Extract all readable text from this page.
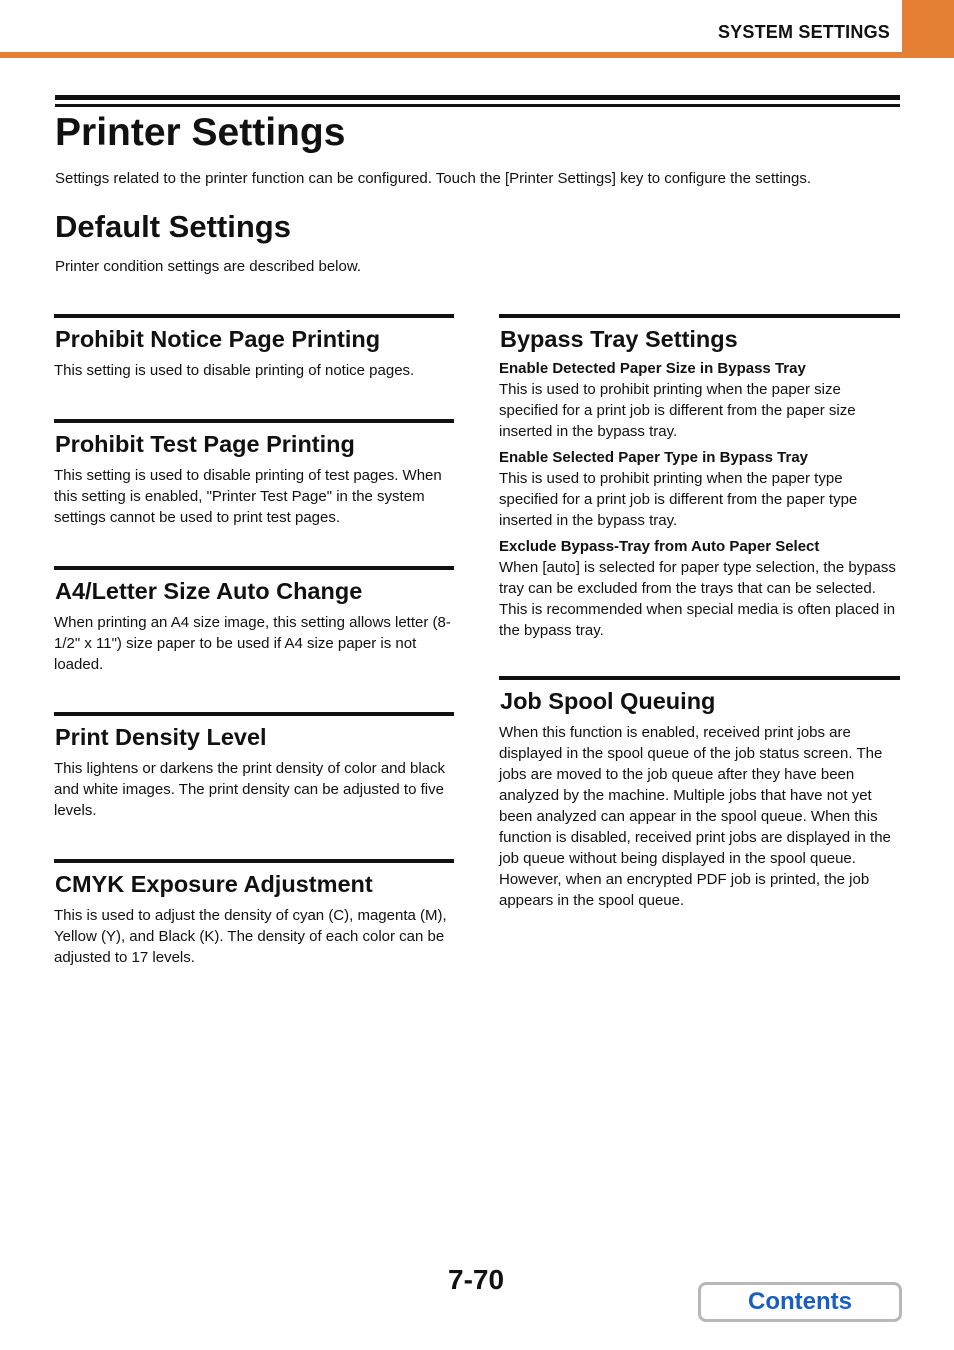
SYSTEM SETTINGS
Printer Settings

Settings related to the printer function can be configured. Touch the [Printer Settings] key to configure the settings.

Default Settings

Printer condition settings are described below.

Prohibit Notice Page Printing

This setting is used to disable printing of notice pages.

Prohibit Test Page Printing

This setting is used to disable printing of test pages. When this setting is enabled, "Printer Test Page" in the system settings cannot be used to print test pages.

A4/Letter Size Auto Change

When printing an A4 size image, this setting allows letter (8-1/2" x 11") size paper to be used if A4 size paper is not loaded.

Print Density Level

This lightens or darkens the print density of color and black and white images. The print density can be adjusted to five levels.

CMYK Exposure Adjustment

This is used to adjust the density of cyan (C), magenta (M), Yellow (Y), and Black (K). The density of each color can be adjusted to 17 levels.

Bypass Tray Settings
Enable Detected Paper Size in Bypass Tray

This is used to prohibit printing when the paper size specified for a print job is different from the paper size inserted in the bypass tray.

Enable Selected Paper Type in Bypass Tray

This is used to prohibit printing when the paper type specified for a print job is different from the paper type inserted in the bypass tray.

Exclude Bypass-Tray from Auto Paper Select

When [auto] is selected for paper type selection, the bypass tray can be excluded from the trays that can be selected. This is recommended when special media is often placed in the bypass tray.

Job Spool Queuing

When this function is enabled, received print jobs are displayed in the spool queue of the job status screen. The jobs are moved to the job queue after they have been analyzed by the machine. Multiple jobs that have not yet been analyzed can appear in the spool queue. When this function is disabled, received print jobs are displayed in the job queue without being displayed in the spool queue. However, when an encrypted PDF job is printed, the job appears in the spool queue.

7-70
Contents
